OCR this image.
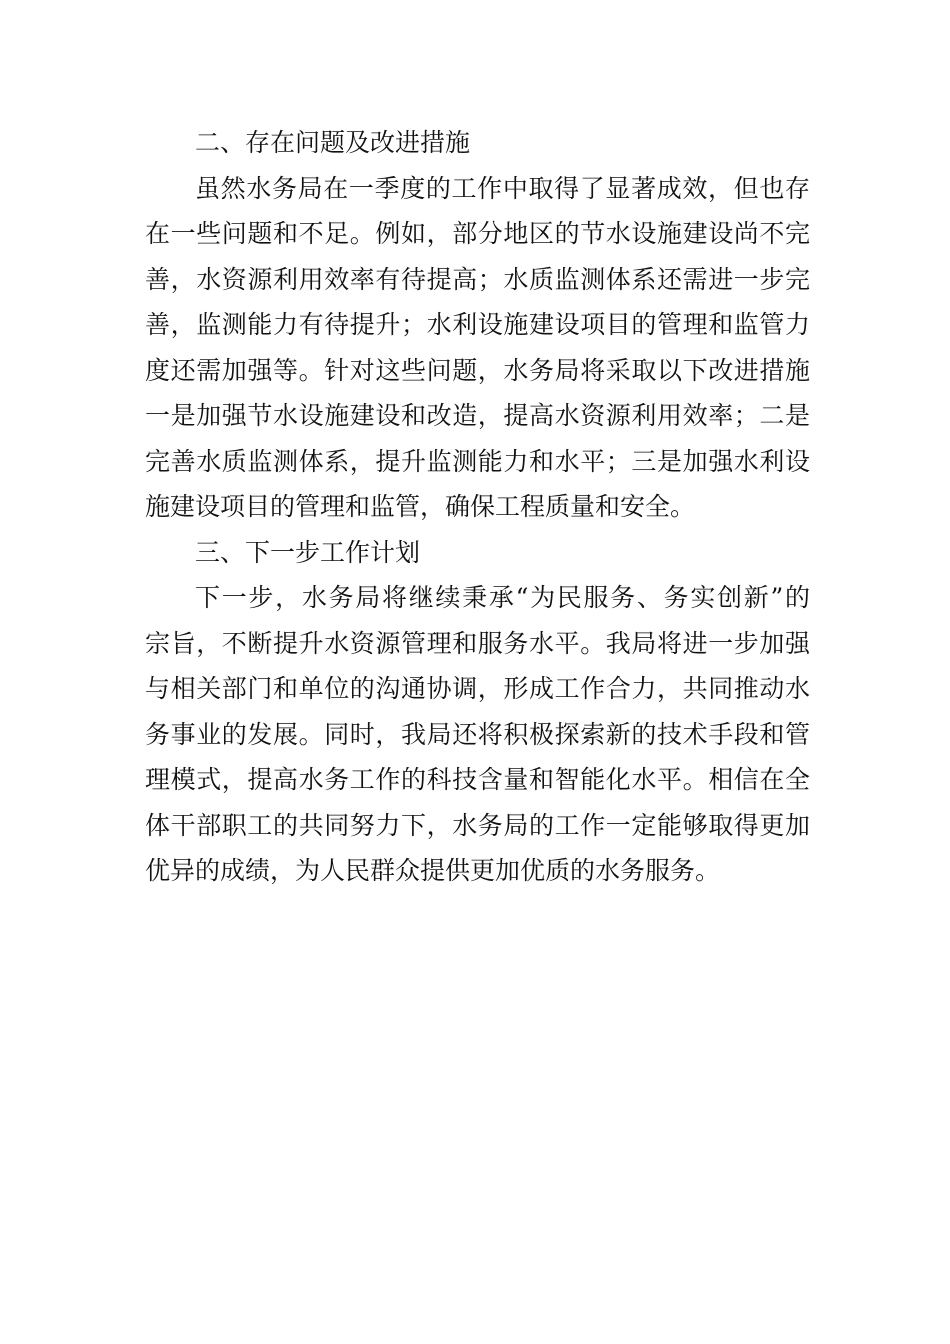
二、存在问题及改进措施
虽然水务局在一季度的工作中取得了显著成效，但也存
在一些问题和不足。例如，部分地区的节水设施建设尚不完
善，水资源利用效率有待提高；水质监测体系还需进一步完
善，监测能力有待提升；水利设施建设项目的管理和监管力
度还需加强等。针对这些问题，水务局将采取以下改进措施
一是加强节水设施建设和改造，提高水资源利用效率；二是
完善水质监测体系，提升监测能力和水平；三是加强水利设
施建设项目的管理和监管，确保工程质量和安全。
三、下一步工作计划
下一步，水务局将继续秉承“为民服务、务实创新”的
宗旨，不断提升水资源管理和服务水平。我局将进一步加强
与相关部门和单位的沟通协调，形成工作合力，共同推动水
务事业的发展。同时，我局还将积极探索新的技术手段和管
理模式，提高水务工作的科技含量和智能化水平。相信在全
体干部职工的共同努力下，水务局的工作一定能够取得更加
优异的成绩，为人民群众提供更加优质的水务服务。
